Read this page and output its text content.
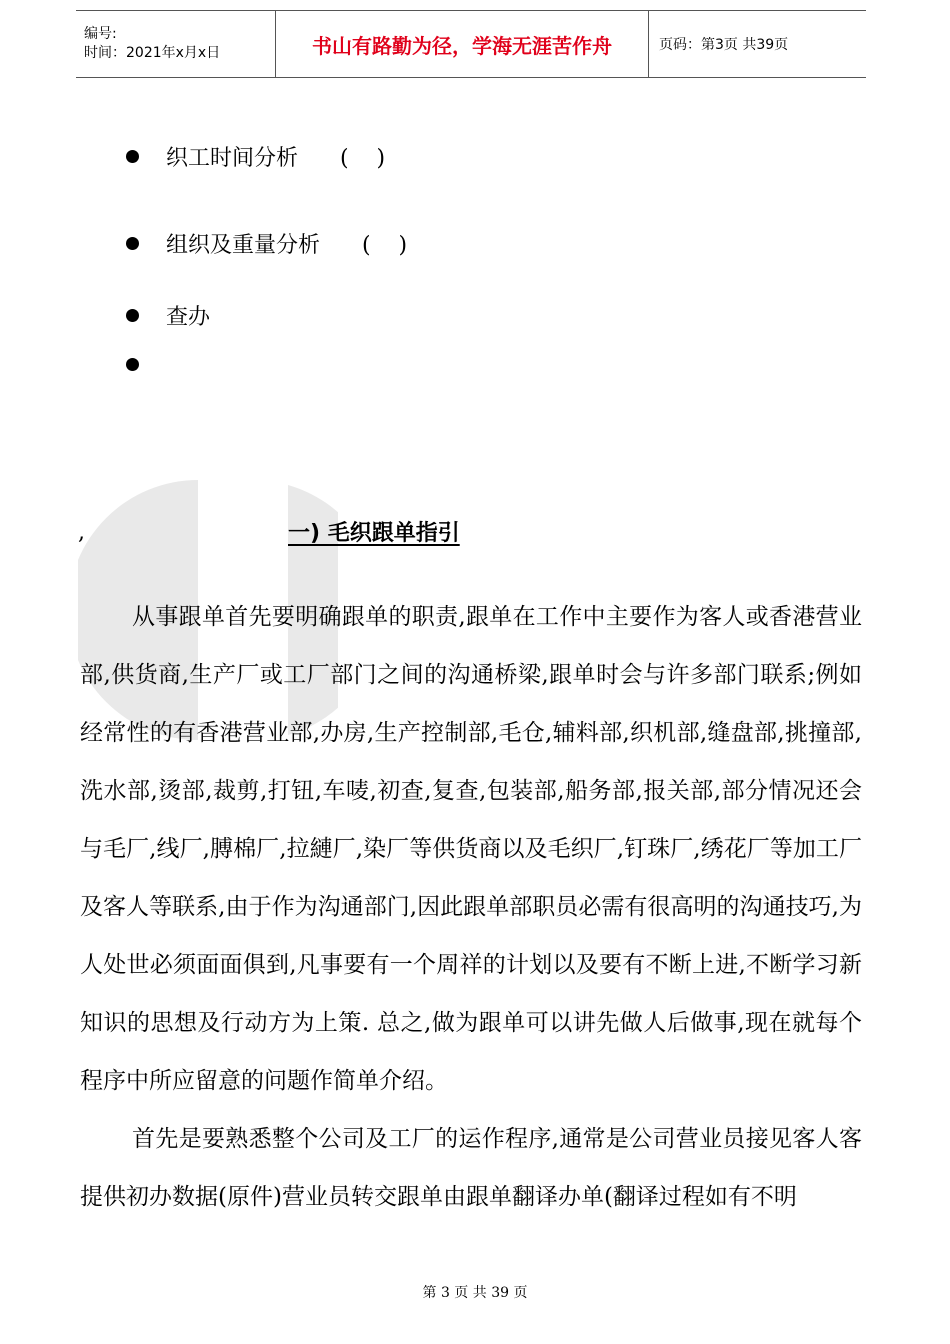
编号:
时间：2021年x月x日	书山有路勤为径，学海无涯苦作舟	页码：第3页 共39页
织工时间分析      (    )
组织及重量分析      (    )
查办
,	一) 毛织跟单指引

从事跟单首先要明确跟单的职责,跟单在工作中主要作为客人或香港营业部,供货商,生产厂或工厂部门之间的沟通桥梁,跟单时会与许多部门联系;例如经常性的有香港营业部,办房,生产控制部,毛仓,辅料部,织机部,缝盘部,挑撞部,洗水部,烫部,裁剪,打钮,车唛,初查,复查,包装部,船务部,报关部,部分情况还会与毛厂,线厂,膊棉厂,拉縺厂,染厂等供货商以及毛织厂,钉珠厂,绣花厂等加工厂及客人等联系,由于作为沟通部门,因此跟单部职员必需有很高明的沟通技巧,为人处世必须面面俱到,凡事要有一个周祥的计划以及要有不断上进,不断学习新知识的思想及行动方为上策. 总之,做为跟单可以讲先做人后做事,现在就每个程序中所应留意的问题作简单介绍。

首先是要熟悉整个公司及工厂的运作程序,通常是公司营业员接见客人客提供初办数据(原件)营业员转交跟单由跟单翻译办单(翻译过程如有不明

第 3 页 共 39 页
